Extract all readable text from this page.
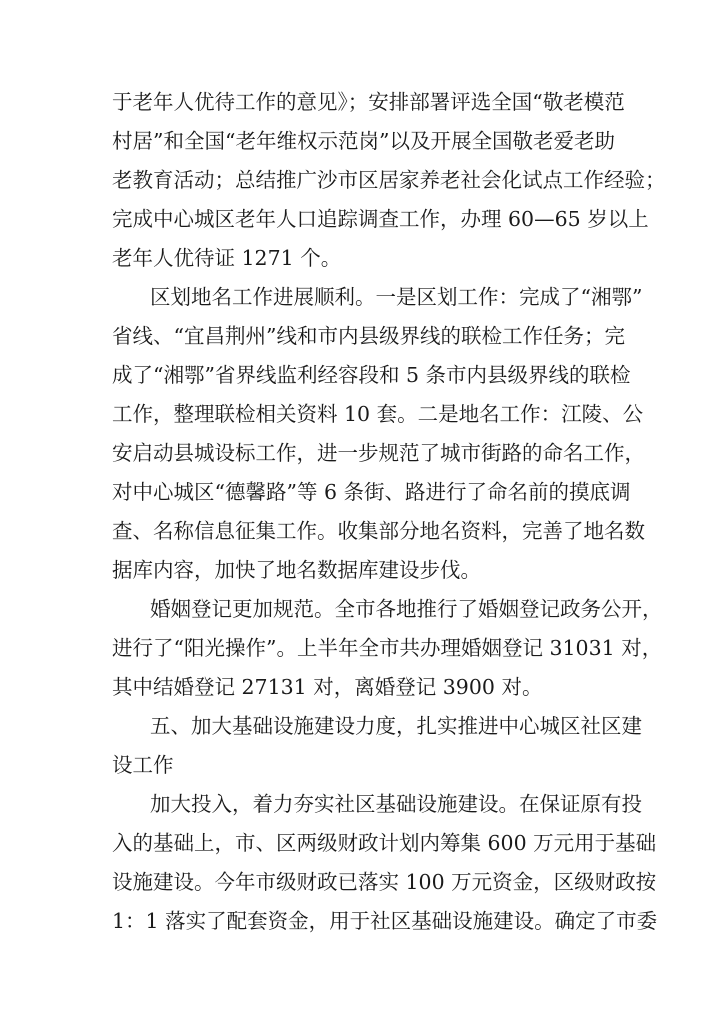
于老年人优待工作的意见》；安排部署评选全国“敬老模范
村居”和全国“老年维权示范岗”以及开展全国敬老爱老助
老教育活动；总结推广沙市区居家养老社会化试点工作经验；
完成中心城区老年人口追踪调查工作，办理 60—65 岁以上
老年人优待证 1271 个。
区划地名工作进展顺利。一是区划工作：完成了“湘鄂”
省线、“宜昌荆州”线和市内县级界线的联检工作任务；完
成了“湘鄂”省界线监利经容段和 5 条市内县级界线的联检
工作，整理联检相关资料 10 套。二是地名工作：江陵、公
安启动县城设标工作，进一步规范了城市街路的命名工作，
对中心城区“德馨路”等 6 条街、路进行了命名前的摸底调
查、名称信息征集工作。收集部分地名资料，完善了地名数
据库内容，加快了地名数据库建设步伐。
婚姻登记更加规范。全市各地推行了婚姻登记政务公开，
进行了“阳光操作”。上半年全市共办理婚姻登记 31031 对，
其中结婚登记 27131 对，离婚登记 3900 对。
五、加大基础设施建设力度，扎实推进中心城区社区建
设工作
加大投入，着力夯实社区基础设施建设。在保证原有投
入的基础上，市、区两级财政计划内筹集 600 万元用于基础
设施建设。今年市级财政已落实 100 万元资金，区级财政按
1：1 落实了配套资金，用于社区基础设施建设。确定了市委
